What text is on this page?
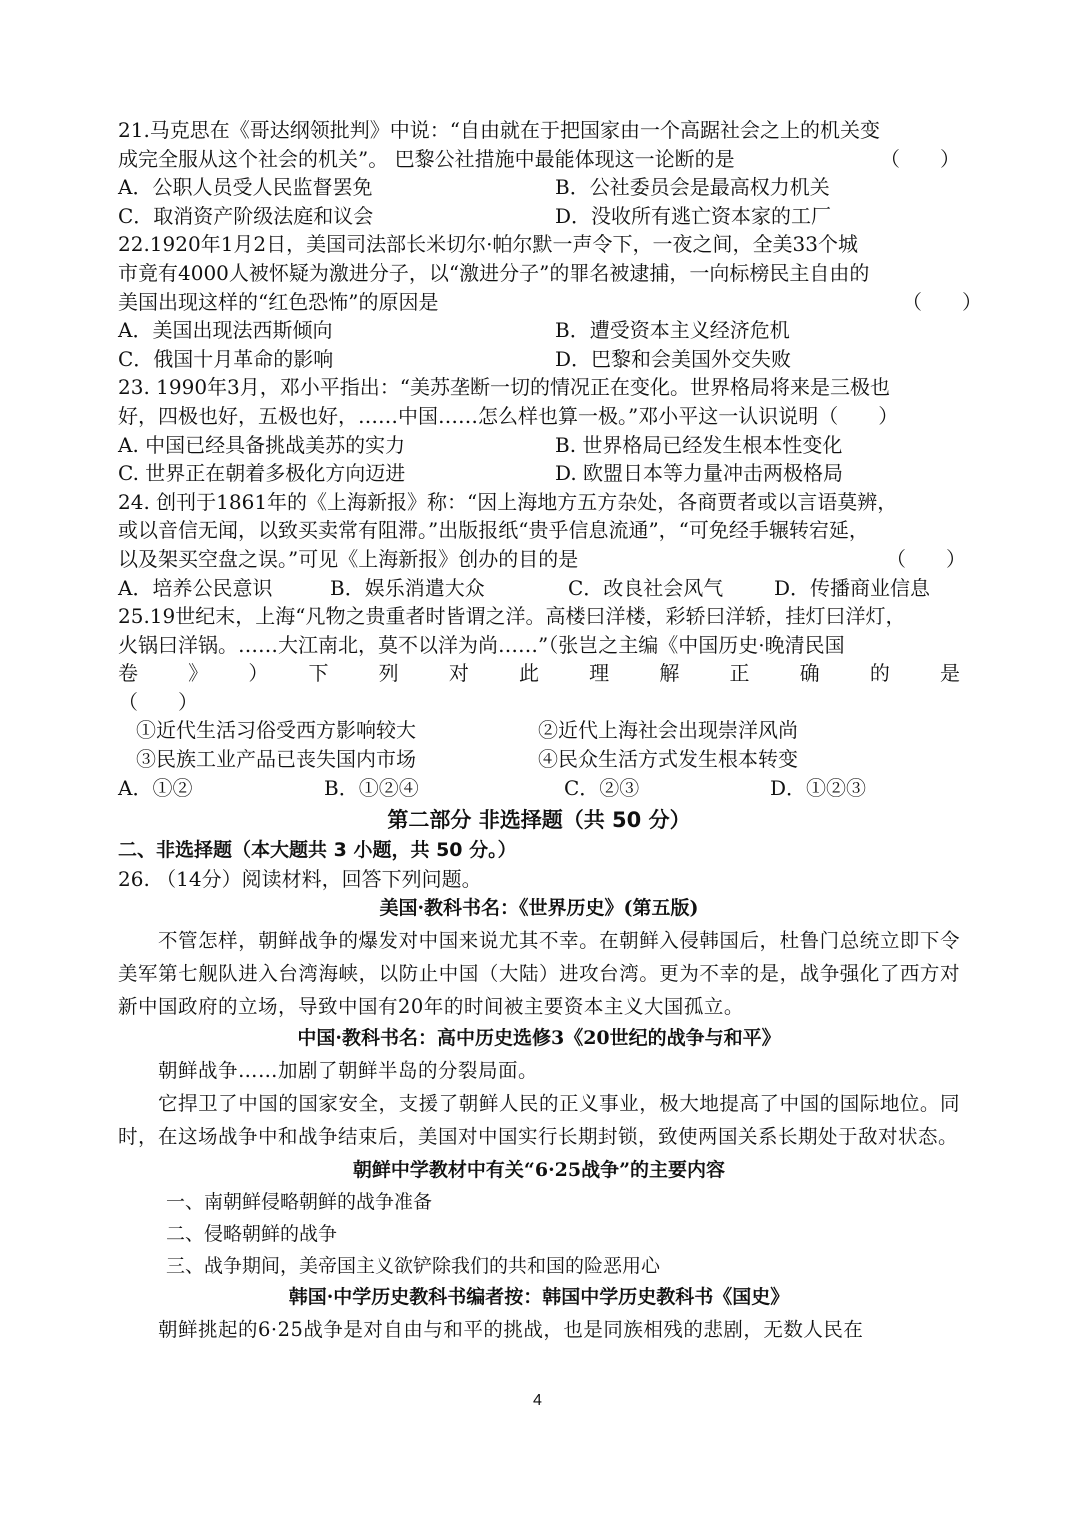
21.马克思在《哥达纲领批判》中说：“自由就在于把国家由一个高踞社会之上的机关变
成完全服从这个社会的机关”。 巴黎公社措施中最能体现这一论断的是	（　　）
A．公职人员受人民监督罢免	B．公社委员会是最高权力机关
C．取消资产阶级法庭和议会	D．没收所有逃亡资本家的工厂
22.1920年1月2日，美国司法部长米切尔·帕尔默一声令下，一夜之间，全美33个城
市竟有4000人被怀疑为激进分子，以“激进分子”的罪名被逮捕，一向标榜民主自由的
美国出现这样的“红色恐怖”的原因是	（　　）
A．美国出现法西斯倾向	B．遭受资本主义经济危机
C．俄国十月革命的影响	D．巴黎和会美国外交失败
23. 1990年3月，邓小平指出：“美苏垄断一切的情况正在变化。世界格局将来是三极也
好，四极也好，五极也好，……中国……怎么样也算一极。”邓小平这一认识说明（　　）
A. 中国已经具备挑战美苏的实力	B. 世界格局已经发生根本性变化
C. 世界正在朝着多极化方向迈进	D. 欧盟日本等力量冲击两极格局
24. 创刊于1861年的《上海新报》称：“因上海地方五方杂处，各商贾者或以言语莫辨，
或以音信无闻，以致买卖常有阻滞。”出版报纸“贵乎信息流通”，“可免经手辗转宕延，
以及架买空盘之误。”可见《上海新报》创办的目的是	（　　）
A．培养公民意识	B．娱乐消遣大众	C．改良社会风气	D．传播商业信息
25.19世纪末，上海“凡物之贵重者时皆谓之洋。高楼曰洋楼，彩轿曰洋轿，挂灯曰洋灯，
火锅曰洋锅。……大江南北，莫不以洋为尚……”（张岂之主编《中国历史·晚清民国
卷　》　）　下　列　对　此　理　解　正　确　的　是
（　　）
①近代生活习俗受西方影响较大	②近代上海社会出现崇洋风尚
③民族工业产品已丧失国内市场	④民众生活方式发生根本转变
A．①②	B．①②④	C．②③	D．①②③
第二部分 非选择题（共 50 分）
二、非选择题（本大题共 3 小题，共 50 分。）
26. （14分）阅读材料，回答下列问题。
美国·教科书名：《世界历史》(第五版)
不管怎样，朝鲜战争的爆发对中国来说尤其不幸。在朝鲜入侵韩国后，杜鲁门总统立即下令美军第七舰队进入台湾海峡，以防止中国（大陆）进攻台湾。更为不幸的是，战争强化了西方对新中国政府的立场，导致中国有20年的时间被主要资本主义大国孤立。
中国·教科书名：高中历史选修3《20世纪的战争与和平》
朝鲜战争……加剧了朝鲜半岛的分裂局面。
它捍卫了中国的国家安全，支援了朝鲜人民的正义事业，极大地提高了中国的国际地位。同时，在这场战争中和战争结束后，美国对中国实行长期封锁，致使两国关系长期处于敌对状态。
朝鲜中学教材中有关“6·25战争”的主要内容
一、南朝鲜侵略朝鲜的战争准备
二、侵略朝鲜的战争
三、战争期间，美帝国主义欲铲除我们的共和国的险恶用心
韩国·中学历史教科书编者按：韩国中学历史教科书《国史》
朝鲜挑起的6·25战争是对自由与和平的挑战，也是同族相残的悲剧，无数人民在
4
